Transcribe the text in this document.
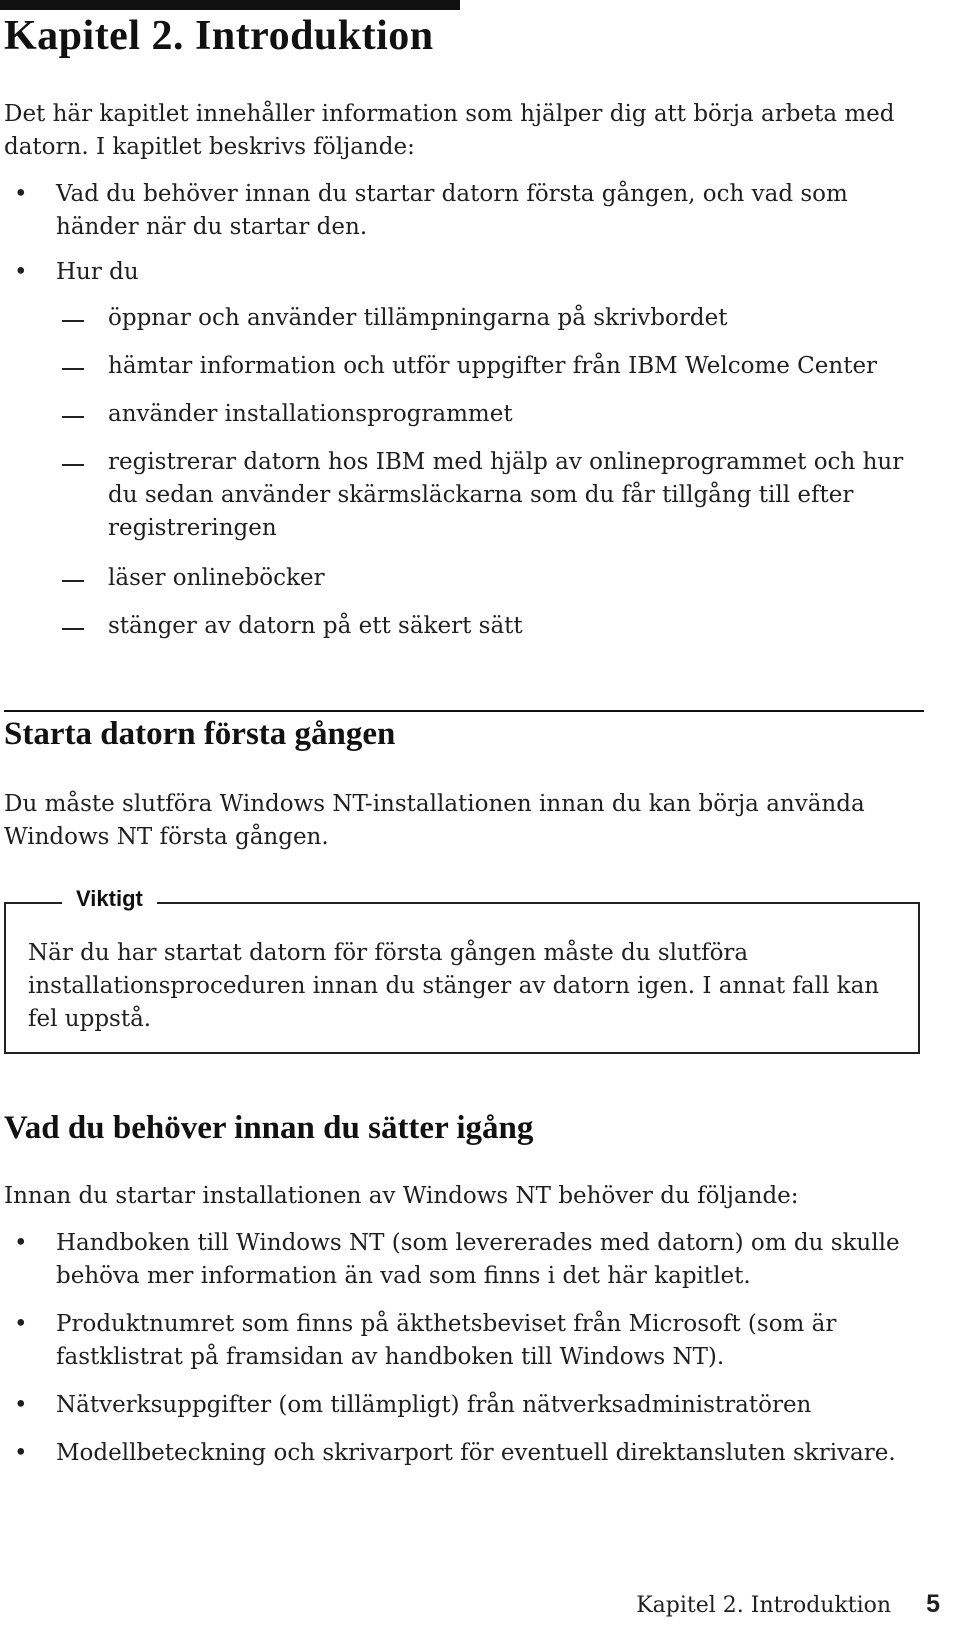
Kapitel 2. Introduktion

Det här kapitlet innehåller information som hjälper dig att börja arbeta med datorn. I kapitlet beskrivs följande:

• Vad du behöver innan du startar datorn första gången, och vad som händer när du startar den.

• Hur du

öppnar och använder tillämpningarna på skrivbordet

hämtar information och utför uppgifter från IBM Welcome Center

använder installationsprogrammet

registrerar datorn hos IBM med hjälp av onlineprogrammet och hur du sedan använder skärmsläckarna som du får tillgång till efter registreringen

läser onlineböcker

stänger av datorn på ett säkert sätt

Starta datorn första gången

Du måste slutföra Windows NT-installationen innan du kan börja använda Windows NT första gången.

Viktigt

När du har startat datorn för första gången måste du slutföra installationsproceduren innan du stänger av datorn igen. I annat fall kan fel uppstå.

Vad du behöver innan du sätter igång

Innan du startar installationen av Windows NT behöver du följande:

• Handboken till Windows NT (som levererades med datorn) om du skulle behöva mer information än vad som finns i det här kapitlet.

• Produktnumret som finns på äkthetsbeviset från Microsoft (som är fastklistrat på framsidan av handboken till Windows NT).

• Nätverksuppgifter (om tillämpligt) från nätverksadministratören

• Modellbeteckning och skrivarport för eventuell direktansluten skrivare.

Kapitel 2. Introduktion 5
